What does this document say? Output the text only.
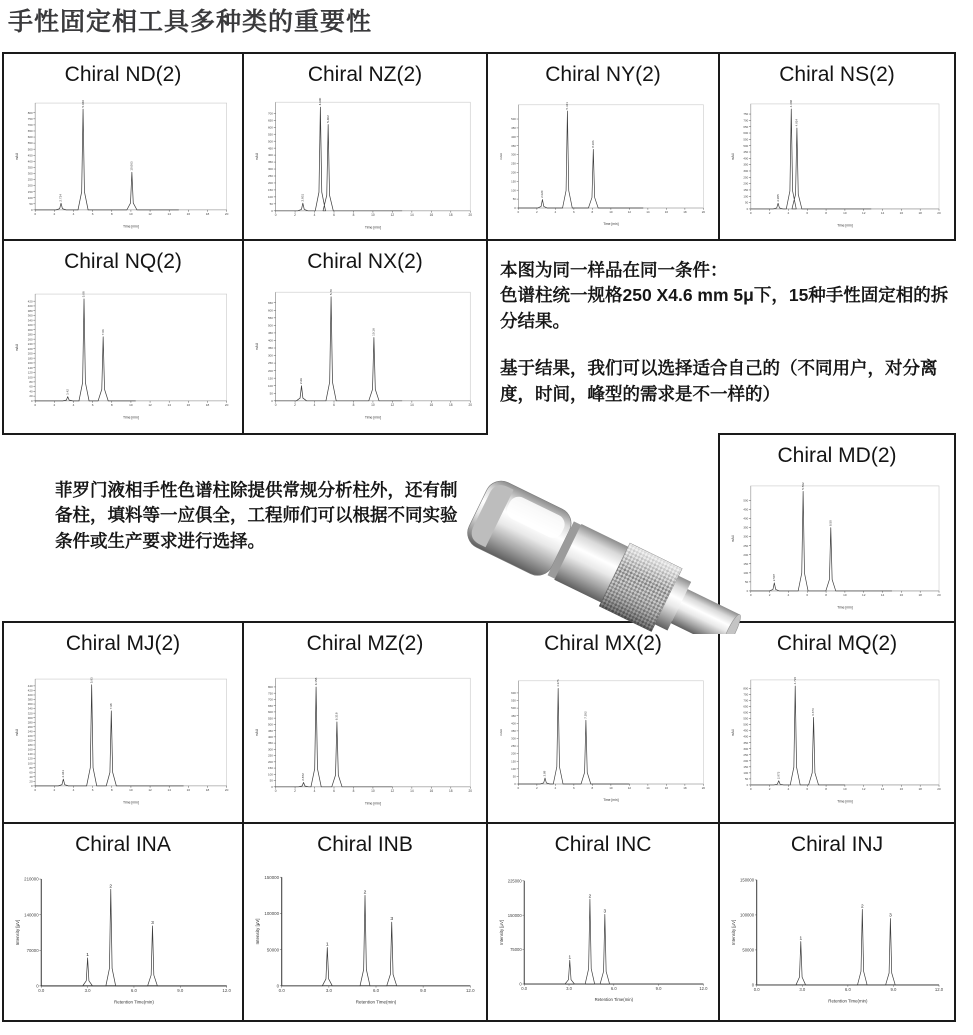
手性固定相工具多种类的重要性
Chiral ND(2)
0
50
100
150
200
250
300
350
400
450
500
550
600
650
700
750
800
0	2	4	6	8	10	12	14	16	18	20
Time [min]
mAU
2.724
5.040
10.063
Chiral NZ(2)
0
50
100
150
200
250
300
350
400
450
500
550
600
650
700
0	2	4	6	8	10	12	14	16	18	20
Time [min]
mAU
2.831
4.600
5.402
Chiral NY(2)
0
50
100
150
200
250
300
350
400
450
500
0	2	4	6	8	10	12	14	16	18	20
Time [min]
mAU
2.620
5.341
8.106
Chiral NS(2)
0
50
100
150
200
250
300
350
400
450
500
550
600
650
700
750
0	2	4	6	8	10	12	14	16	18	20
Time [min]
mAU
2.905
4.338
4.924
Chiral NQ(2)
0
20
40
60
80
100
120
140
160
180
200
220
240
260
280
300
320
340
360
380
400
420
0	2	4	6	8	10	12	14	16	18	20
Time [min]
mAU
3.42
5.08
7.06
Chiral NX(2)
0
50
100
150
200
250
300
350
400
450
500
550
600
650
0	2	4	6	8	10	12	14	16	18	20
Time [min]
mAU
2.66
5.70
10.16

本图为同一样品在同一条件：
色谱柱统一规格250 X4.6 mm 5μ下，15种手性固定相的拆分结果。

基于结果，我们可以选择适合自己的（不同用户，对分离度，时间，峰型的需求是不一样的）

菲罗门液相手性色谱柱除提供常规分析柱外，还有制备柱，填料等一应俱全，工程师们可以根据不同实验条件或生产要求进行选择。

Chiral MD(2)
0
50
100
150
200
250
300
350
400
450
500
0	2	4	6	8	10	12	14	16	18	20
Time [min]
mAU
2.507
5.562
8.50
Chiral MJ(2)
0
20
40
60
80
100
120
140
160
180
200
220
240
260
280
300
320
340
360
380
400
420
440
0	2	4	6	8	10	12	14	16	18	20
Time [min]
mAU
2.941
5.93
7.98
Chiral MZ(2)
0
50
100
150
200
250
300
350
400
450
500
550
600
650
700
750
800
0	2	4	6	8	10	12	14	16	18	20
Time [min]
mAU
2.872
4.158
6.318
Chiral MX(2)
0
50
100
150
200
250
300
350
400
450
500
550
600
0	2	4	6	8	10	12	14	16	18	20
Time [min]
mAU
2.88
4.376
7.292
Chiral MQ(2)
0
50
100
150
200
250
300
350
400
450
500
550
600
650
700
750
800
0	2	4	6	8	10	12	14	16	18	20
Time [min]
mAU
2.973
4.726
6.673
Chiral INA
0
70000
140000
210000
0.0	3.0	6.0	9.0	12.0
Retention Time(min)
Intensity [μV]
1
2
3
Chiral INB
0
50000
100000
150000
0.0	3.0	6.0	9.0	12.0
Retention Time(min)
Intensity [μV]
1
2
3
Chiral INC
0
75000
150000
225000
0.0	3.0	6.0	9.0	12.0
Retention Time(min)
Intensity [μV]
1
2
3
Chiral INJ
0
50000
100000
150000
0.0	3.0	6.0	9.0	12.0
Retention Time(min)
Intensity [μV]	1
2
3
